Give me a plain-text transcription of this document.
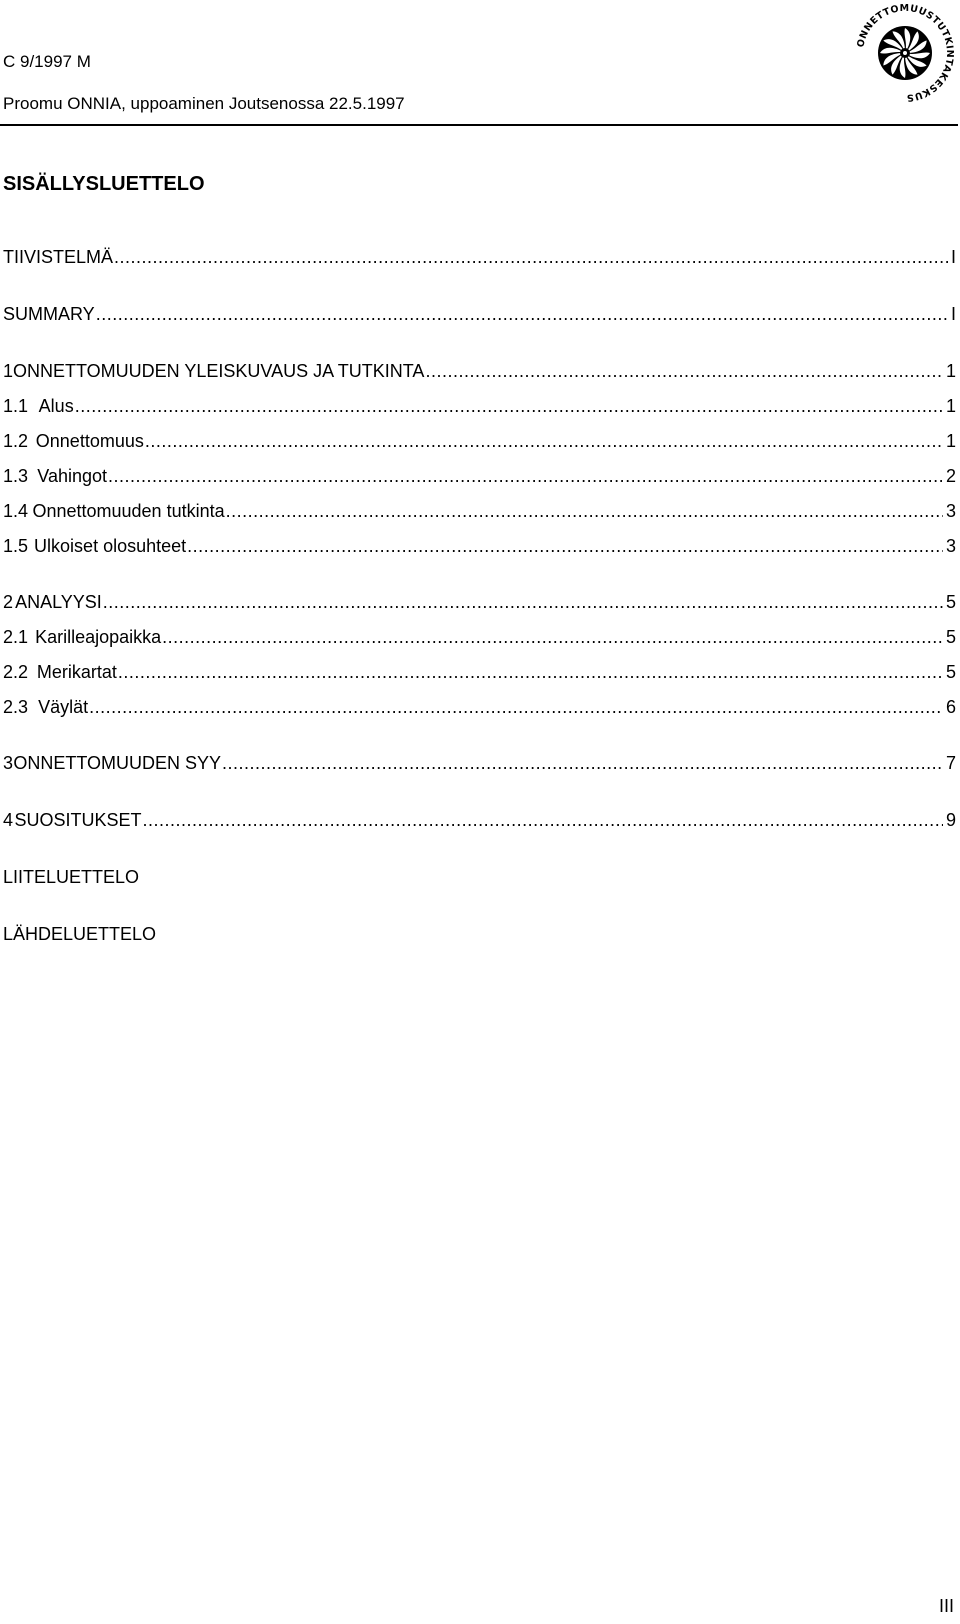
C 9/1997 M
Proomu ONNIA, uppoaminen Joutsenossa 22.5.1997
ONNETTOMUUSTUTKINTAKESKUS
SISÄLLYSLUETTELO
TIIVISTELMÄ .....	I
SUMMARY .....	I
1 ONNETTOMUUDEN YLEISKUVAUS JA TUTKINTA .....	1
1.1 Alus .....	1
1.2 Onnettomuus .....	1
1.3 Vahingot .....	2
1.4 Onnettomuuden tutkinta .....	3
1.5 Ulkoiset olosuhteet .....	3
2 ANALYYSI .....	5
2.1 Karilleajopaikka .....	5
2.2 Merikartat .....	5
2.3 Väylät .....	6
3 ONNETTOMUUDEN SYY .....	7
4 SUOSITUKSET .....	9
LIITELUETTELO
LÄHDELUETTELO
III
